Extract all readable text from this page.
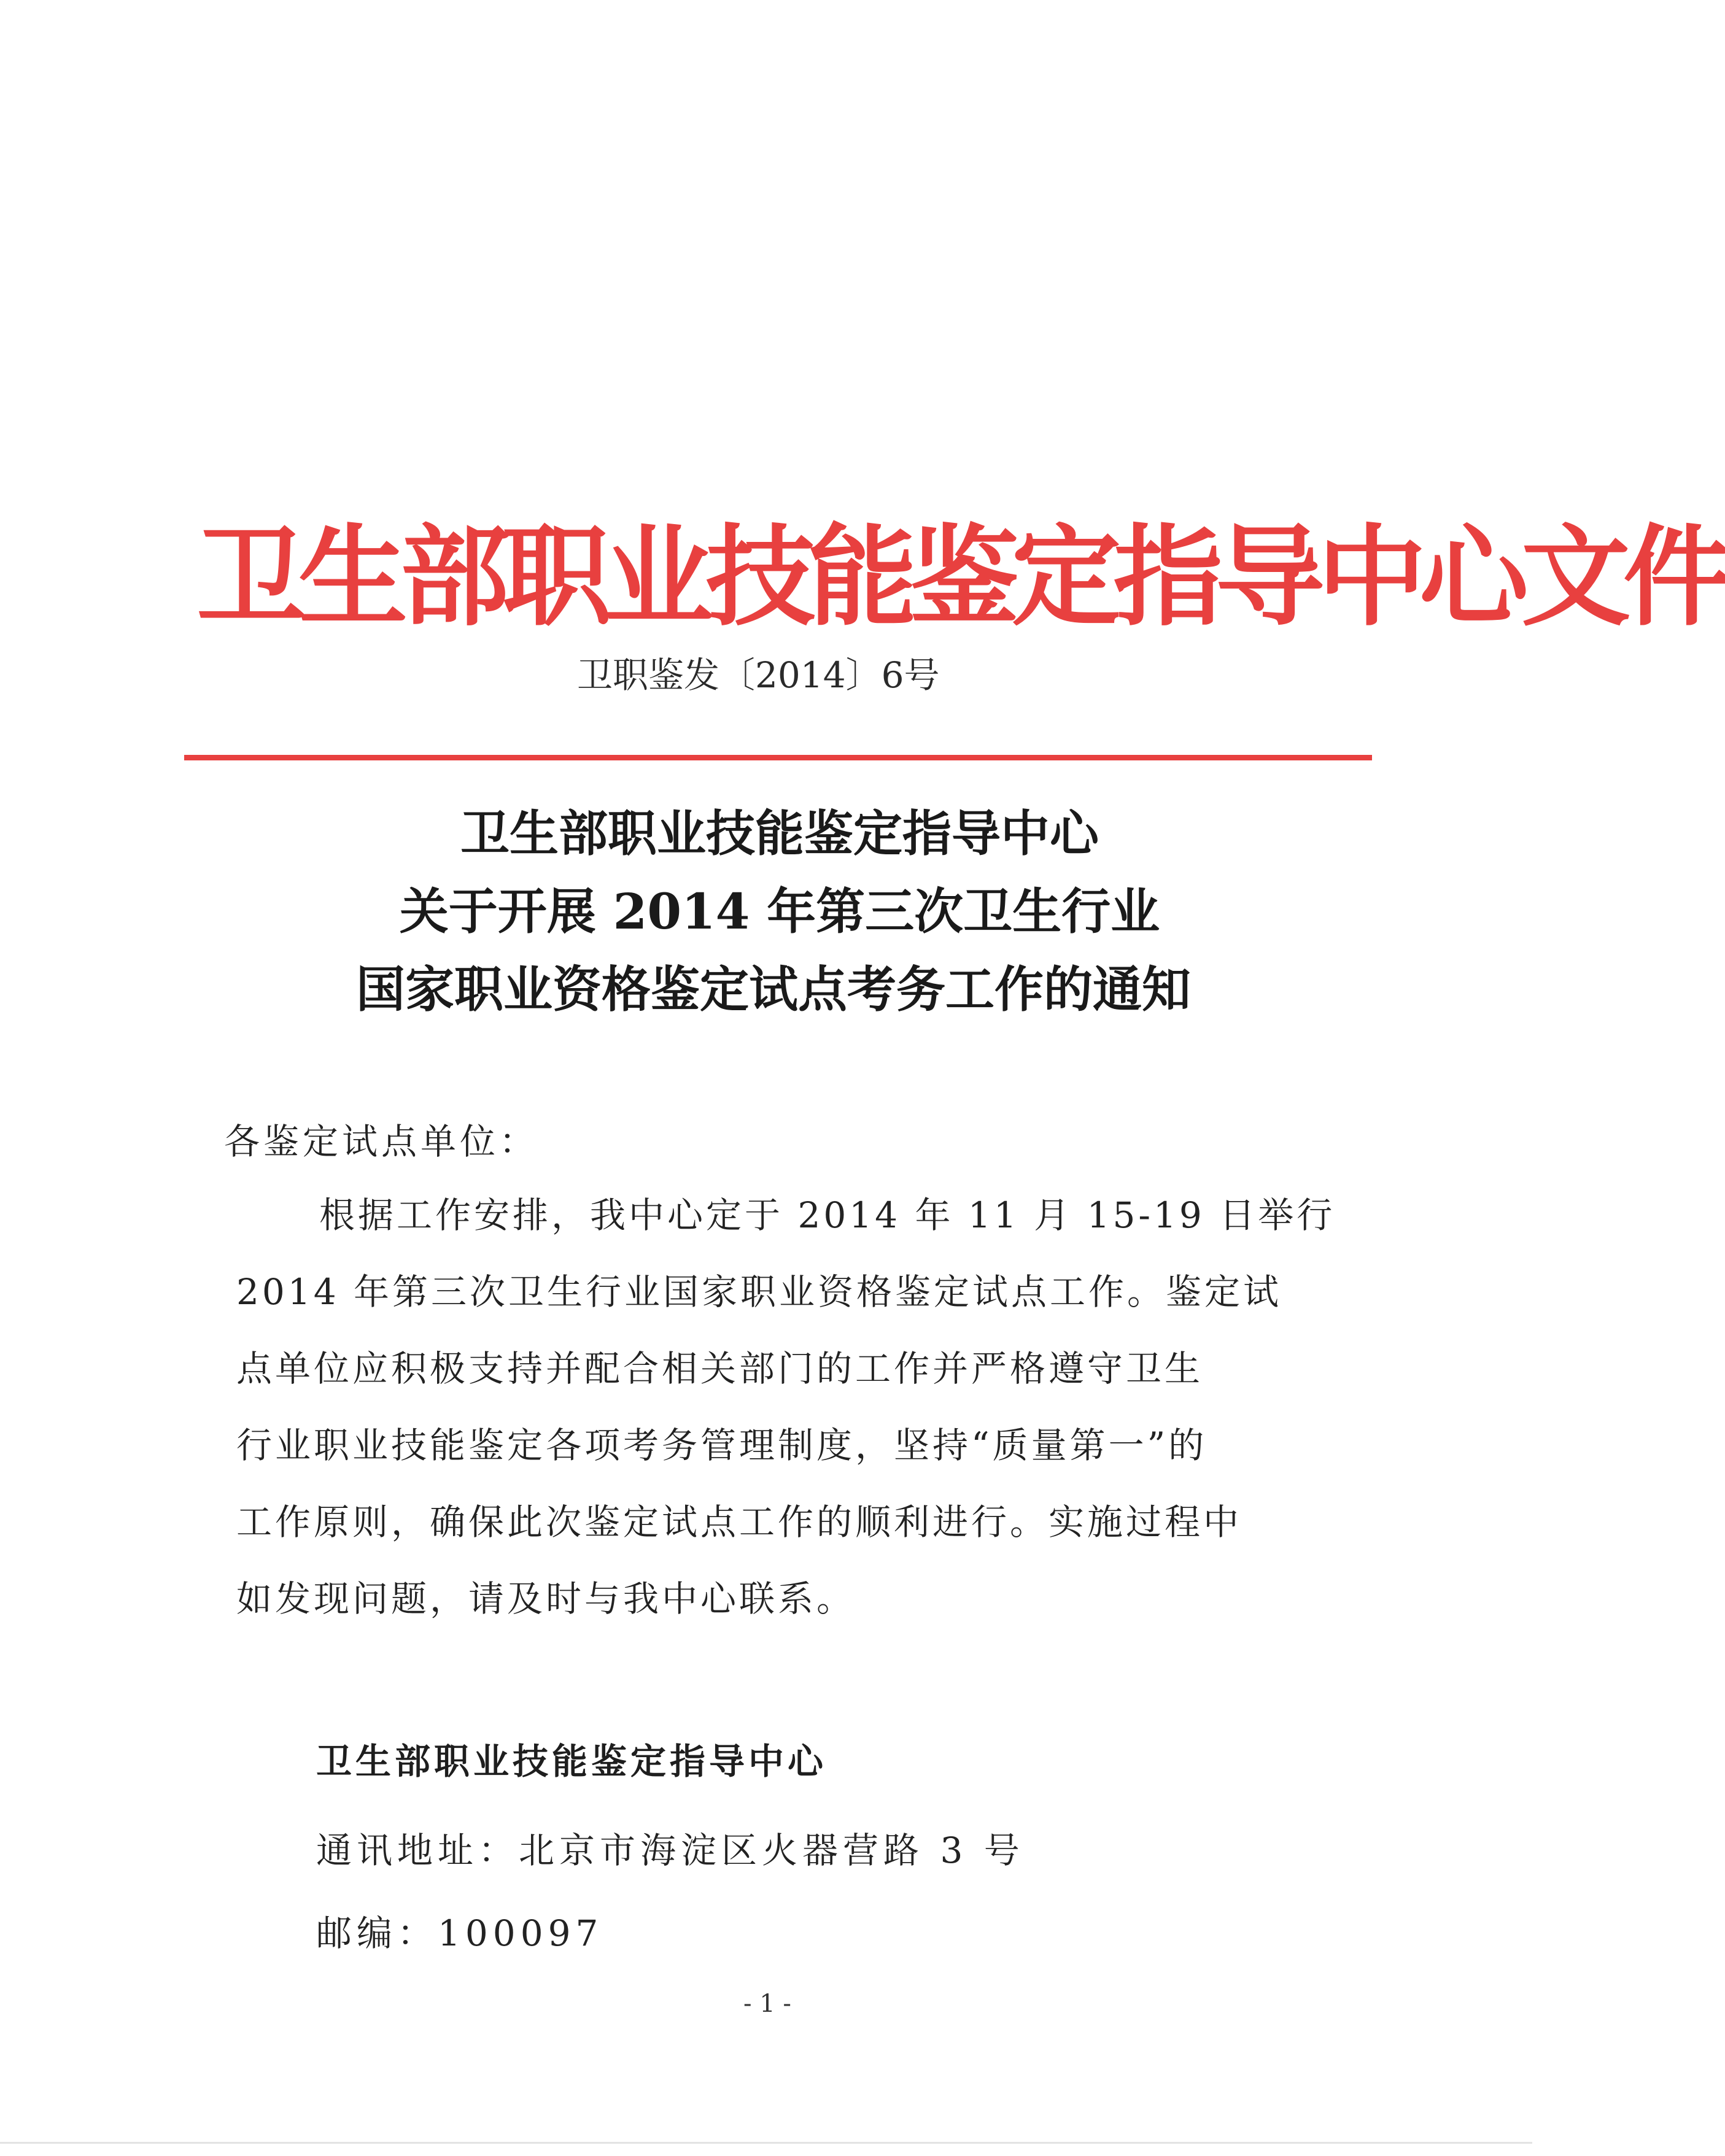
卫生部职业技能鉴定指导中心文件
卫职鉴发〔2014〕6号
卫生部职业技能鉴定指导中心
关于开展 2014 年第三次卫生行业
国家职业资格鉴定试点考务工作的通知
各鉴定试点单位：
根据工作安排，我中心定于 2014 年 11 月 15-19 日举行
2014 年第三次卫生行业国家职业资格鉴定试点工作。鉴定试
点单位应积极支持并配合相关部门的工作并严格遵守卫生
行业职业技能鉴定各项考务管理制度，坚持“质量第一”的
工作原则，确保此次鉴定试点工作的顺利进行。实施过程中
如发现问题，请及时与我中心联系。
卫生部职业技能鉴定指导中心
通讯地址：北京市海淀区火器营路 3 号
邮编：100097
- 1 -
